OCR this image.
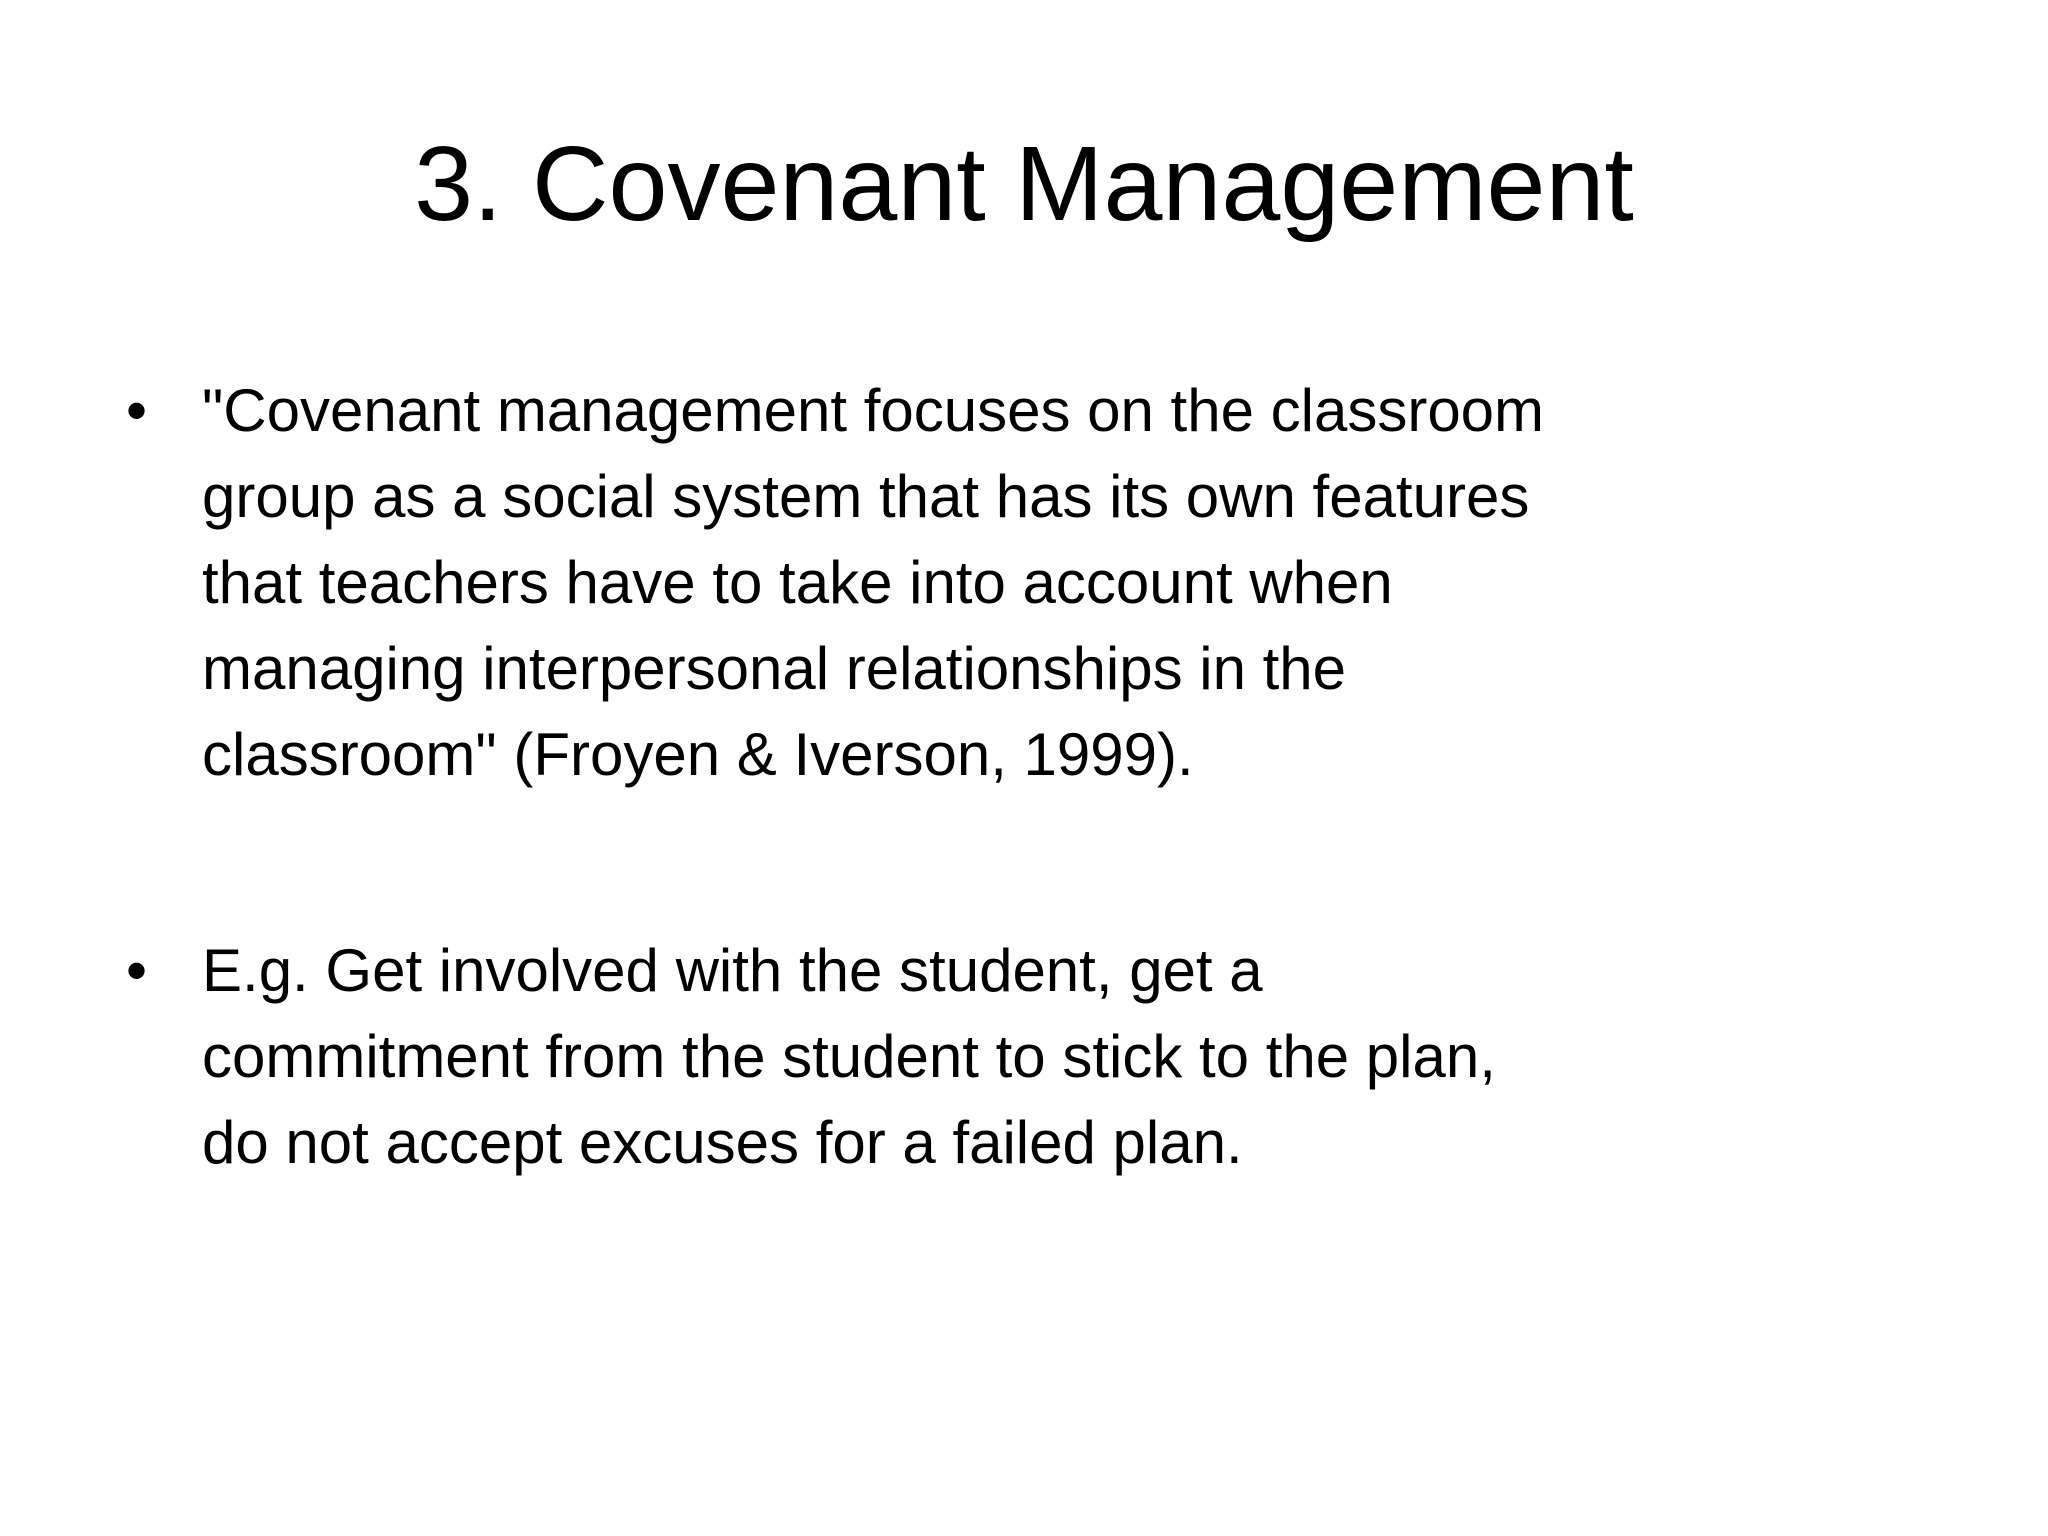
3. Covenant Management
• "Covenant management focuses on the classroom
group as a social system that has its own features
that teachers have to take into account when
managing interpersonal relationships in the
classroom" (Froyen & Iverson, 1999).
• E.g. Get involved with the student, get a
commitment from the student to stick to the plan,
do not accept excuses for a failed plan.
